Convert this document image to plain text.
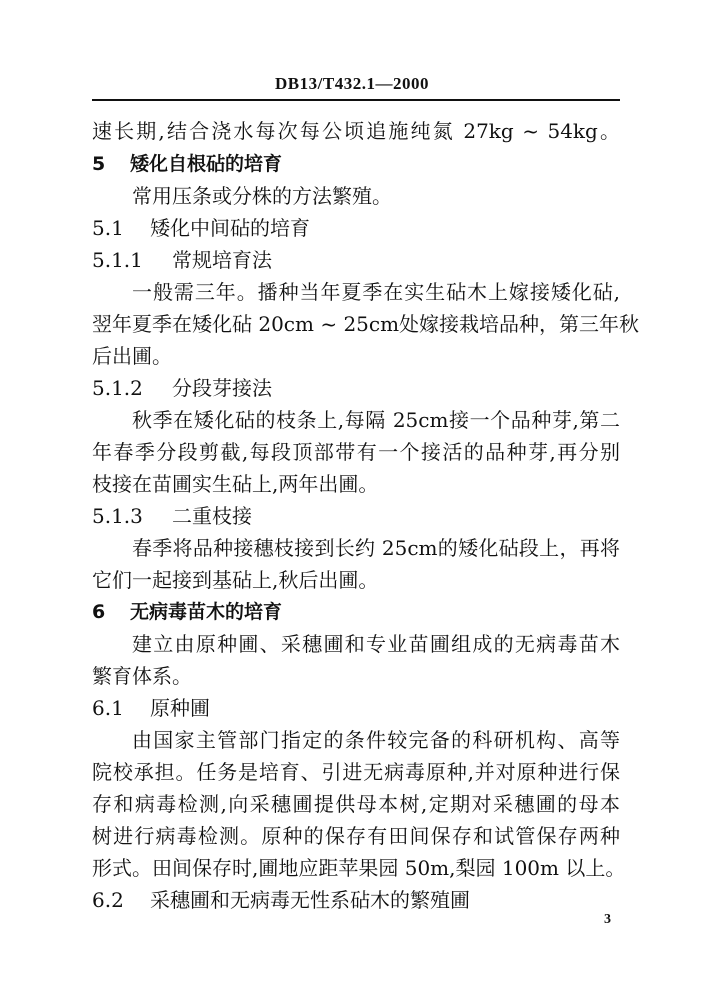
DB13/T432.1—2000
速长期,结合浇水每次每公顷追施纯氮 27kg ~ 54kg。
5 矮化自根砧的培育
常用压条或分株的方法繁殖。
5.1 矮化中间砧的培育
5.1.1 常规培育法
一般需三年。播种当年夏季在实生砧木上嫁接矮化砧,
翌年夏季在矮化砧 20cm ~ 25cm处嫁接栽培品种，第三年秋
后出圃。
5.1.2 分段芽接法
秋季在矮化砧的枝条上,每隔 25cm接一个品种芽,第二
年春季分段剪截,每段顶部带有一个接活的品种芽,再分别
枝接在苗圃实生砧上,两年出圃。
5.1.3 二重枝接
春季将品种接穗枝接到长约 25cm的矮化砧段上，再将
它们一起接到基砧上,秋后出圃。
6 无病毒苗木的培育
建立由原种圃、采穗圃和专业苗圃组成的无病毒苗木
繁育体系。
6.1 原种圃
由国家主管部门指定的条件较完备的科研机构、高等
院校承担。任务是培育、引进无病毒原种,并对原种进行保
存和病毒检测,向采穗圃提供母本树,定期对采穗圃的母本
树进行病毒检测。原种的保存有田间保存和试管保存两种
形式。田间保存时,圃地应距苹果园 50m,梨园 100m 以上。
6.2 采穗圃和无病毒无性系砧木的繁殖圃
3
